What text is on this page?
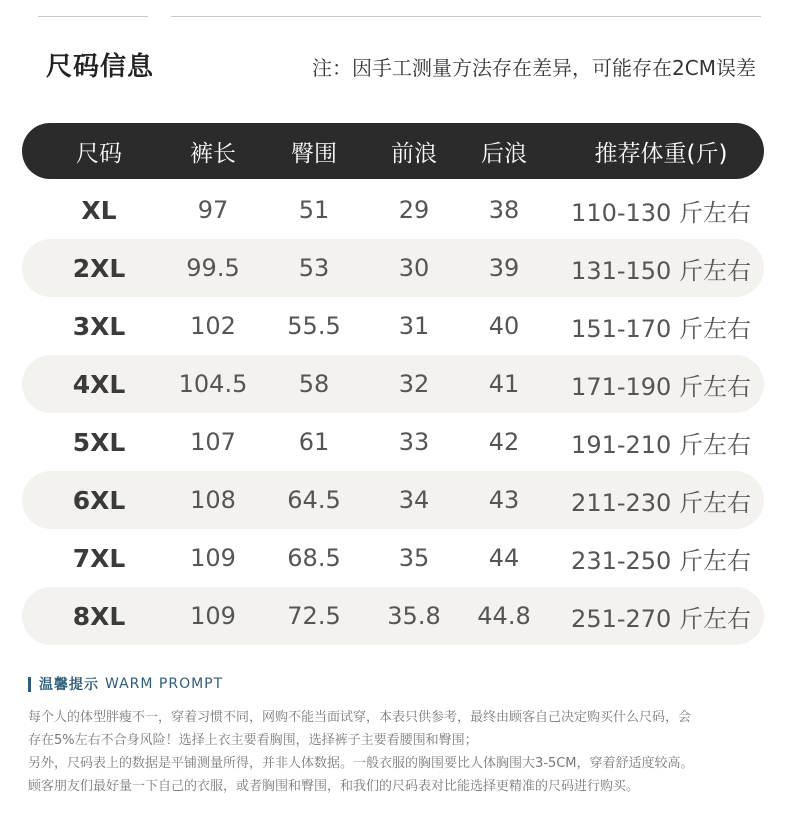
尺码信息	注：因手工测量方法存在差异，可能存在2CM误差
尺码	裤长	臀围	前浪	后浪	推荐体重(斤)
XL	97	51	29	38	110-130 斤左右
2XL	99.5	53	30	39	131-150 斤左右
3XL	102	55.5	31	40	151-170 斤左右
4XL	104.5	58	32	41	171-190 斤左右
5XL	107	61	33	42	191-210 斤左右
6XL	108	64.5	34	43	211-230 斤左右
7XL	109	68.5	35	44	231-250 斤左右
8XL	109	72.5	35.8	44.8	251-270 斤左右
温馨提示 WARM PROMPT

每个人的体型胖瘦不一，穿着习惯不同，网购不能当面试穿，本表只供参考，最终由顾客自己决定购买什么尺码，会

存在5%左右不合身风险！选择上衣主要看胸围，选择裤子主要看腰围和臀围；

另外，尺码表上的数据是平铺测量所得，并非人体数据。一般衣服的胸围要比人体胸围大3-5CM，穿着舒适度较高。

顾客朋友们最好量一下自己的衣服，或者胸围和臀围，和我们的尺码表对比能选择更精准的尺码进行购买。
